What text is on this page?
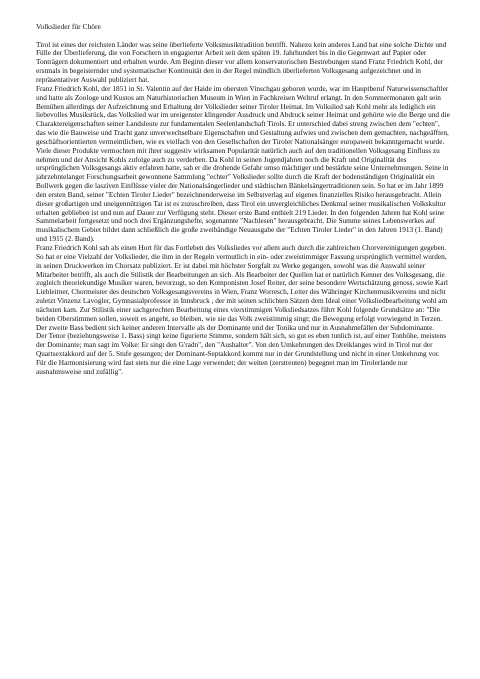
Volkslieder für Chöre

Tirol ist eines der reichsten Länder was seine überlieferte Volksmusiktradition betrifft. Nahezu kein anderes Land hat eine solche Dichte und Fülle der Überlieferung, die von Forschern in engagierter Arbeit seit dem späten 19. Jahrhundert bis in die Gegenwart auf Papier oder Tonträgern dokumentiert und erhalten wurde. Am Beginn dieser vor allem konservatorischen Bestrebungen stand Franz Friedrich Kohl, der erstmals in begeisternder und systematischer Kontinuität den in der Regel mündlich überlieferten Volksgesang aufgezeichnet und in repräsentativer Auswahl publiziert hat.

Franz Friedrich Kohl, der 1851 in St. Valentin auf der Haide im obersten Vinschgau geboren wurde, war im Hauptberuf Naturwissenschaftler und hatte als Zoologe und Kustos am Naturhistorischen Museum in Wien in Fachkreisen Weltruf erlangt. In den Sommermonaten galt sein Bemühen allerdings der Aufzeichnung und Erhaltung der Volkslieder seiner Tiroler Heimat. Im Volkslied sah Kohl mehr als lediglich ein liebevolles Musikstück, das Volkslied war im ureigenster klingender Ausdruck und Abdruck seiner Heimat und gehörte wie die Berge und die Charaktereigenschaften seiner Landsleute zur fundamentalen Seelenlandschaft Tirols. Er unterschied dabei streng zwischen dem "echten", das wie die Bauweise und Tracht ganz unverwechselbare Eigenschaften und Gestaltung aufwies und zwischen dem gemachten, nachgeäfften, geschäftsorientierten vermeintlichen, wie es vielfach von den Gesellschaften der Tiroler Nationalsänger europaweit bekanntgemacht wurde. Viele dieser Produkte vermochten mit ihrer suggestiv wirksamen Popularität natürlich auch auf den traditionellen Volksgesang Einfluss zu nehmen und der Ansicht Kohls zufolge auch zu verderben. Da Kohl in seinen Jugendjahren noch die Kraft und Originalität des ursprünglichen Volksgesangs aktiv erfahren hatte, sah er die drohende Gefahr umso mächtiger und bestärkte seine Unternehmungen. Seine in jahrzehntelanger Forschungsarbeit gewonnene Sammlung "echter" Volkslieder sollte durch die Kraft der bodenständigen Originalität ein Bollwerk gegen die laszíven Einflüsse vieler der Nationalsängerlieder und städtischen Bänkelsängertraditionen sein. So hat er im Jahr 1899 den ersten Band, seiner "Echten Tiroler Lieder" bezeichnenderweise im Selbstverlag auf eigenes finanzielles Risiko herausgebracht. Allein dieser großartigen und uneigennützigen Tat ist es zuzuschreiben, dass Tirol ein unvergleichliches Denkmal seiner musikalischen Volkskultur erhalten geblieben ist und nun auf Dauer zur Verfügung steht. Dieser erste Band enthielt 219 Lieder. In den folgenden Jahren hat Kohl seine Sammelarbeit fortgesetzt und noch drei Ergänzungshefte, sogenannte "Nachlesen" herausgebracht. Die Summe seines Lebenswerkes auf musikalischem Gebiet bildet dann schließlich die große zweibändige Neuausgabe der "Echten Tiroler Lieder" in den Jahren 1913 (1. Band) und 1915 (2. Band).

Franz Friedrich Kohl sah als einen Hort für das Fortleben des Volksliedes vor allem auch durch die zahlreichen Chorvereinigungen gegeben. So hat er eine Vielzahl der Volkslieder, die ihm in der Regeln vermutlich in ein- oder zweistimmiger Fassung ursprünglich vermittel wurden, in seinen Druckwerken im Chorsatz publiziert. Er ist dabei mit höchster Sorgfalt zu Werke gegangen, sowohl was die Auswahl seiner Mitarbeiter betrifft, als auch die Stilistik der Bearbeitungen an sich. Als Bearbeiter der Quellen hat er natürlich Kenner des Volksgesang, die zugleich theoriekundige Musiker waren, bevorzugt, so den Komponisten Josef Reiter, der seine besondere Wertschätzung genoss, sowie Karl Liebleitner, Chormeister des deutschen Volksgesangsvereins in Wien, Franz Worresch, Leiter des Währinger Kirchenmusikvereins und nicht zuletzt Vinzenz Lavogler, Gymnasialprofessor in Innsbruck , der mit seinen schlichten Sätzen dem Ideal einer Volksliedbearbeitung wohl am nächsten kam. Zur Stilistik einer sachgerechten Bearbeitung eines vierstimmigen Volksliedsatzes führt Kohl folgende Grundsätze an: "Die beiden Oberstimmen sollen, soweit es angeht, so bleiben, wie sie das Volk zweistimmig singt; die Bewegung erfolgt vorwiegend in Terzen. Der zweite Bass bedient sich keiner anderen Intervalle als der Dominante und der Tonika und nur in Ausnahmefällen der Subdominante.

Der Tenor (beziehungsweise 1. Bass) singt keine figurierte Stimme, sondern hält sich, so gut es eben tunlich ist, auf einer Tonhöhe, meistens der Dominante; man sagt im Volke: Er singt den G'radn", den "Aushalter". Von den Umkehrungen des Dreiklanges wird in Tirol nur der Quartsextakkord auf der 5. Stufe gesungen; der Dominant-Septakkord kommt nur in der Grundstellung und nicht in einer Umkehrung vor.

Für die Harmonisierung wird fast stets nur die eine Lage verwendet; der weiten (zerstreuten) begegnet man im Tirolerlande nur ausnahmsweise und zufällig".
